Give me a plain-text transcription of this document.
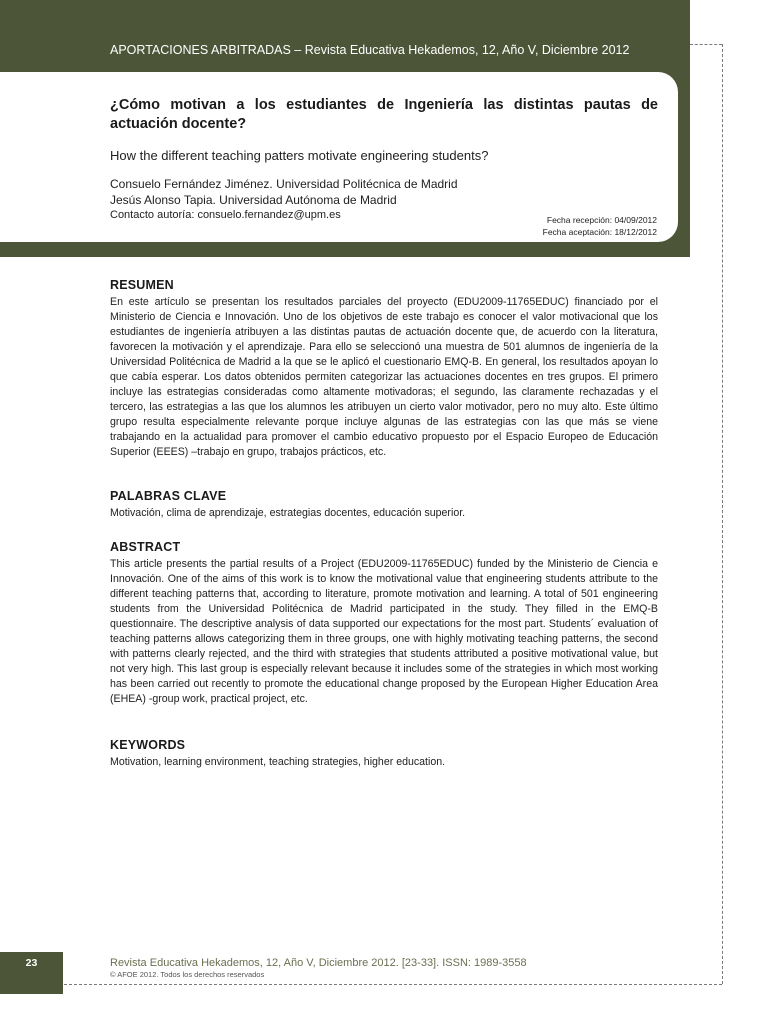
APORTACIONES ARBITRADAS – Revista Educativa Hekademos, 12, Año V, Diciembre 2012
¿Cómo motivan a los estudiantes de Ingeniería las distintas pautas de actuación docente?
How the different teaching patters motivate engineering students?
Consuelo Fernández Jiménez. Universidad Politécnica de Madrid
Jesús Alonso Tapia. Universidad Autónoma de Madrid
Contacto autoría: consuelo.fernandez@upm.es	Fecha recepción: 04/09/2012
Fecha aceptación: 18/12/2012
RESUMEN

En este artículo se presentan los resultados parciales del proyecto (EDU2009-11765EDUC) financiado por el Ministerio de Ciencia e Innovación. Uno de los objetivos de este trabajo es conocer el valor motivacional que los estudiantes de ingeniería atribuyen a las distintas pautas de actuación docente que, de acuerdo con la literatura, favorecen la motivación y el aprendizaje. Para ello se seleccionó una muestra de 501 alumnos de ingeniería de la Universidad Politécnica de Madrid a la que se le aplicó el cuestionario EMQ-B. En general, los resultados apoyan lo que cabía esperar. Los datos obtenidos permiten categorizar las actuaciones docentes en tres grupos. El primero incluye las estrategias consideradas como altamente motivadoras; el segundo, las claramente rechazadas y el tercero, las estrategias a las que los alumnos les atribuyen un cierto valor motivador, pero no muy alto. Este último grupo resulta especialmente relevante porque incluye algunas de las estrategias con las que más se viene trabajando en la actualidad para promover el cambio educativo propuesto por el Espacio Europeo de Educación Superior (EEES) –trabajo en grupo, trabajos prácticos, etc.

PALABRAS CLAVE

Motivación, clima de aprendizaje, estrategias docentes, educación superior.

ABSTRACT

This article presents the partial results of a Project (EDU2009-11765EDUC) funded by the Ministerio de Ciencia e Innovación. One of the aims of this work is to know the motivational value that engineering students attribute to the different teaching patterns that, according to literature, promote motivation and learning. A total of 501 engineering students from the Universidad Politécnica de Madrid participated in the study. They filled in the EMQ-B questionnaire. The descriptive analysis of data supported our expectations for the most part. Students´ evaluation of teaching patterns allows categorizing them in three groups, one with highly motivating teaching patterns, the second with patterns clearly rejected, and the third with strategies that students attributed a positive motivational value, but not very high. This last group is especially relevant because it includes some of the strategies in which most working has been carried out recently to promote the educational change proposed by the European Higher Education Area (EHEA) -group work, practical project, etc.

KEYWORDS

Motivation, learning environment, teaching strategies, higher education.

23	Revista Educativa Hekademos, 12, Año V, Diciembre 2012. [23-33]. ISSN: 1989-3558
© AFOE 2012. Todos los derechos reservados
